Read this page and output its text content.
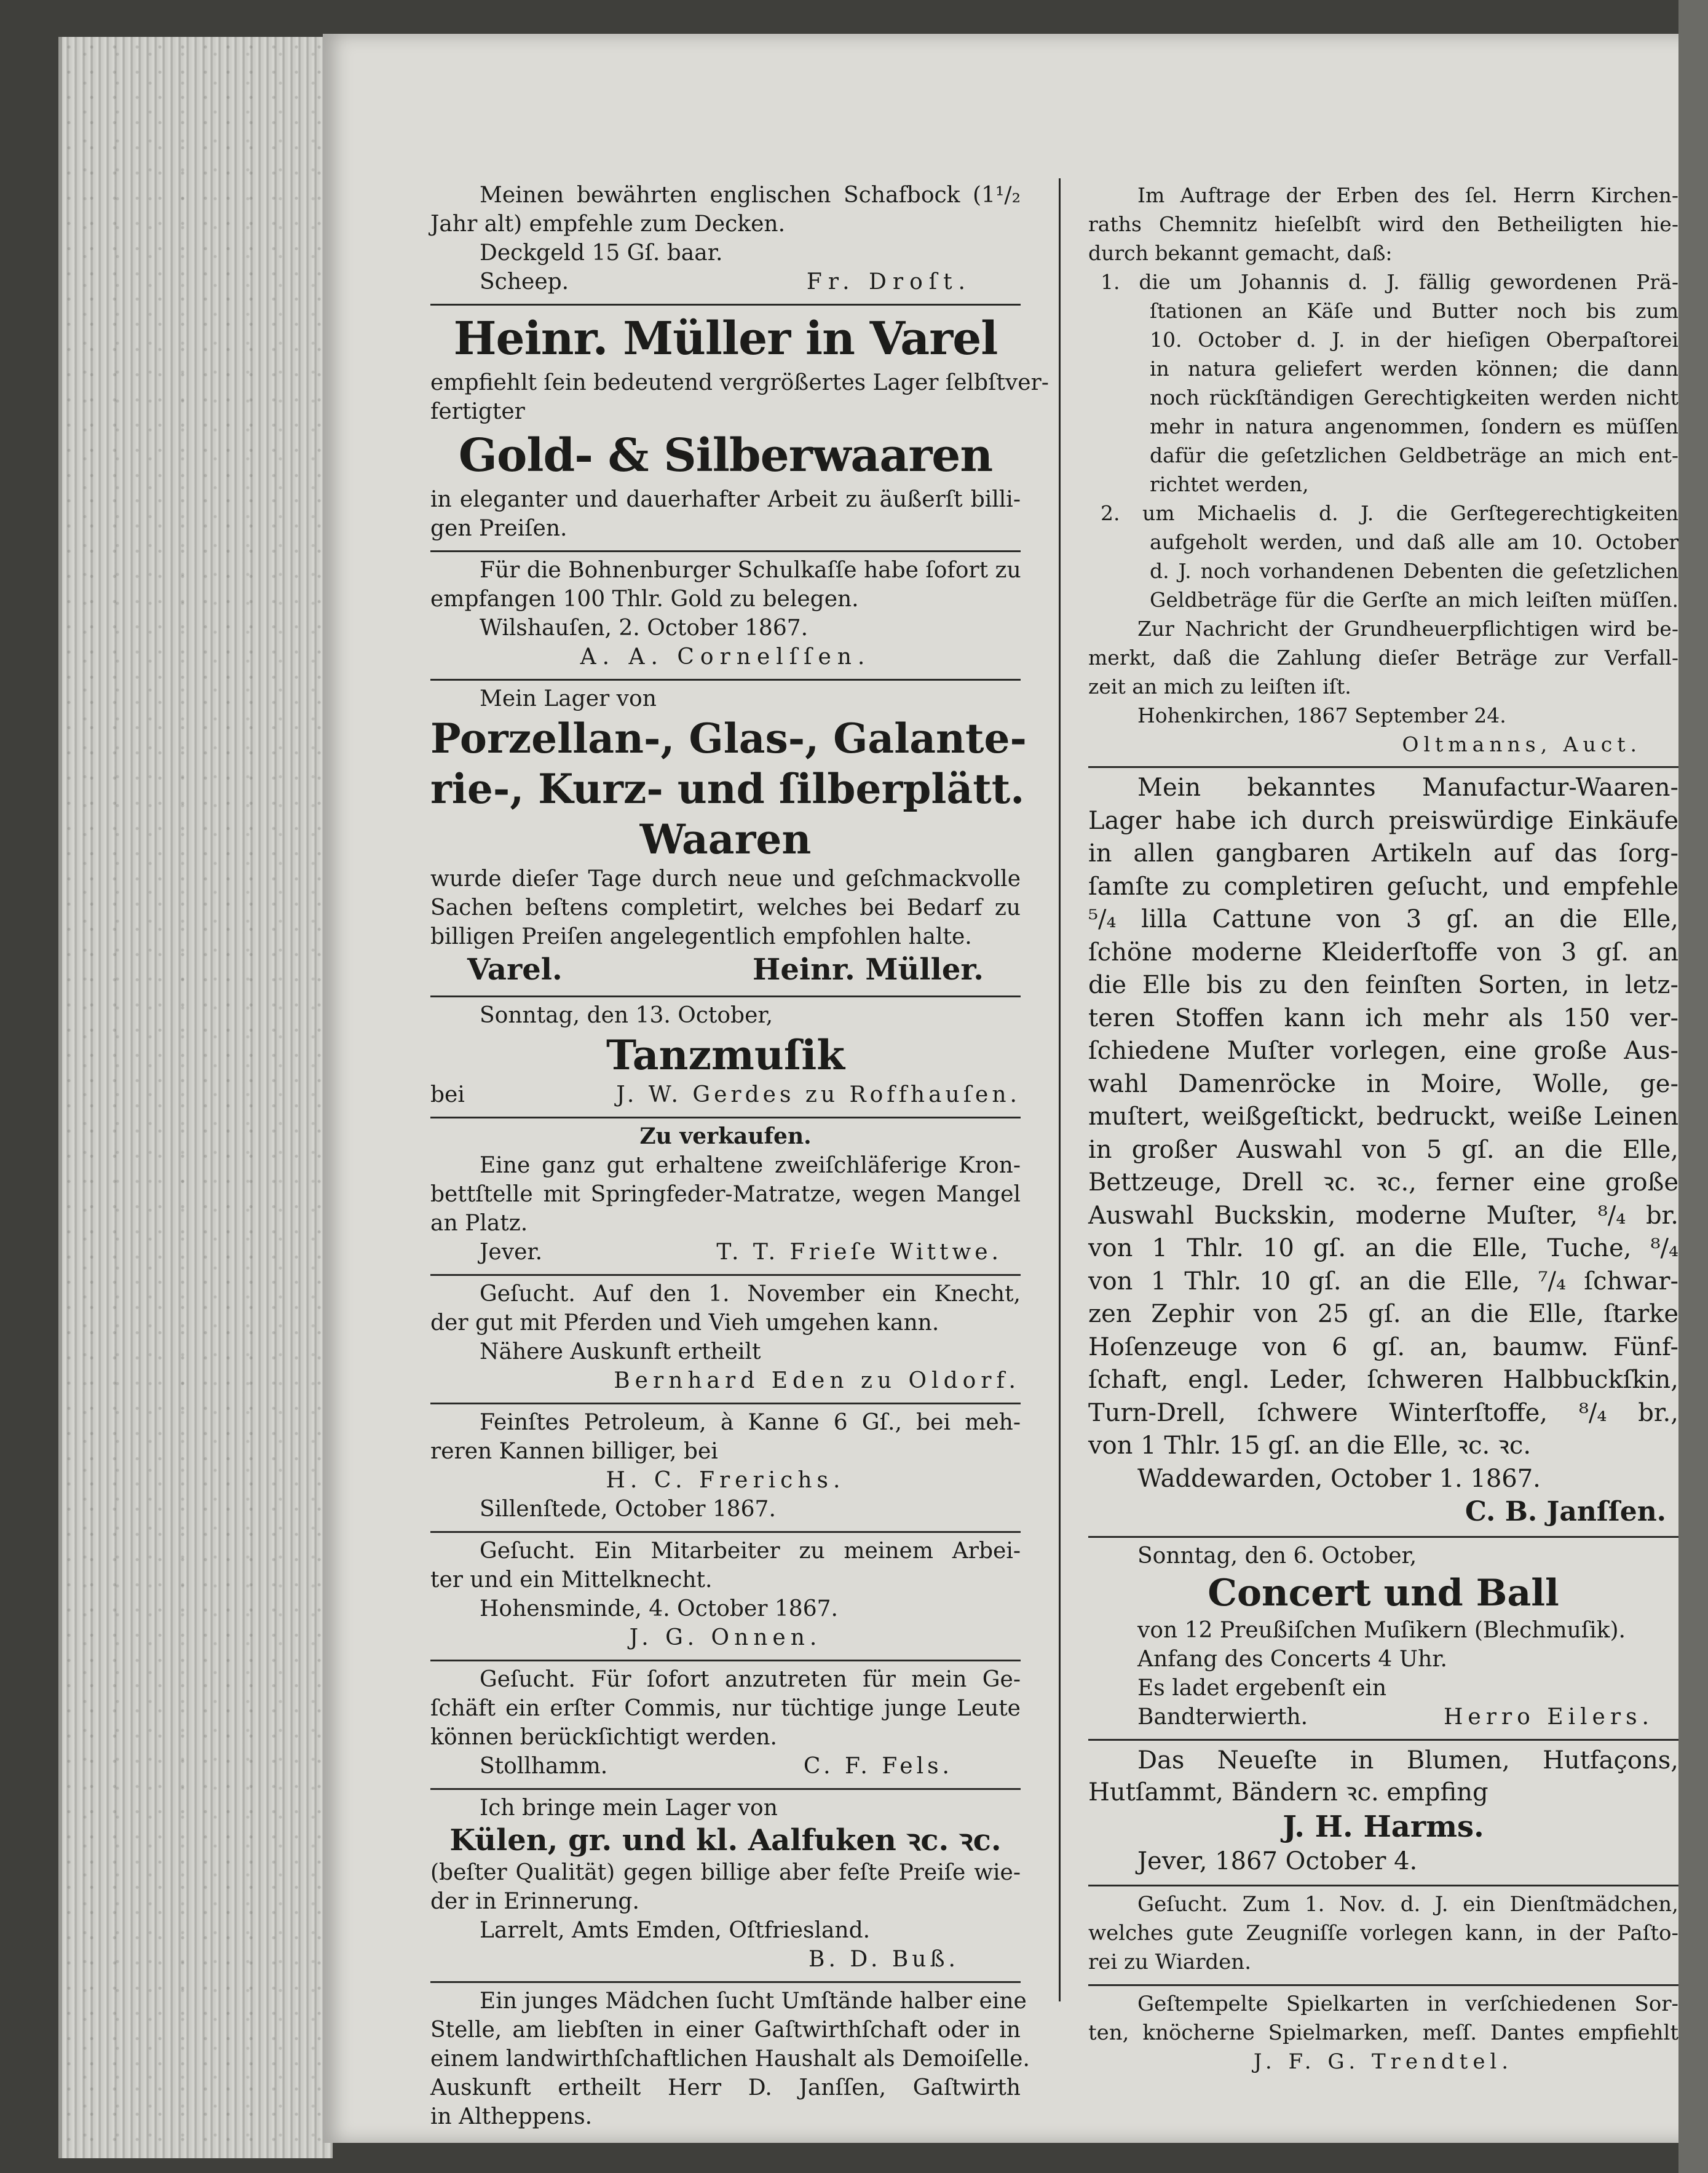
Meinen bewährten englischen Schafbock (1¹/₂
Jahr alt) empfehle zum Decken.
Deckgeld 15 Gſ. baar.
Scheep.	Fr. Droſt.
Heinr. Müller in Varel
empfiehlt ſein bedeutend vergrößertes Lager ſelbſtver-
fertigter
Gold- & Silberwaaren
in eleganter und dauerhafter Arbeit zu äußerſt billi-
gen Preiſen.
Für die Bohnenburger Schulkaſſe habe ſofort zu
empfangen 100 Thlr. Gold zu belegen.
Wilshauſen, 2. October 1867.
A. A. Cornelſſen.
Mein Lager von
Porzellan-, Glas-, Galante-
rie-, Kurz- und ſilberplätt.
Waaren
wurde dieſer Tage durch neue und geſchmackvolle
Sachen beſtens completirt, welches bei Bedarf zu
billigen Preiſen angelegentlich empfohlen halte.
Varel.	Heinr. Müller.
Sonntag, den 13. October,
Tanzmuſik
bei	J. W. Gerdes zu Roffhauſen.
Zu verkaufen.
Eine ganz gut erhaltene zweiſchläferige Kron-
bettſtelle mit Springfeder-Matratze, wegen Mangel
an Platz.
Jever.	T. T. Frieſe Wittwe.
Geſucht. Auf den 1. November ein Knecht,
der gut mit Pferden und Vieh umgehen kann.
Nähere Auskunft ertheilt
Bernhard Eden zu Oldorf.
Feinſtes Petroleum, à Kanne 6 Gſ., bei meh-
reren Kannen billiger, bei
H. C. Frerichs.
Sillenſtede, October 1867.
Geſucht. Ein Mitarbeiter zu meinem Arbei-
ter und ein Mittelknecht.
Hohensminde, 4. October 1867.
J. G. Onnen.
Geſucht. Für ſofort anzutreten für mein Ge-
ſchäft ein erſter Commis, nur tüchtige junge Leute
können berückſichtigt werden.
Stollhamm.	C. F. Fels.
Ich bringe mein Lager von
Külen, gr. und kl. Aalfuken ꝛc. ꝛc.
(beſter Qualität) gegen billige aber feſte Preiſe wie-
der in Erinnerung.
Larrelt, Amts Emden, Oſtfriesland.
B. D. Buß.
Ein junges Mädchen ſucht Umſtände halber eine
Stelle, am liebſten in einer Gaſtwirthſchaft oder in
einem landwirthſchaftlichen Haushalt als Demoiſelle.
Auskunft ertheilt Herr D. Janſſen, Gaſtwirth
in Altheppens.
Im Auftrage der Erben des ſel. Herrn Kirchen-
raths Chemnitz hieſelbſt wird den Betheiligten hie-
durch bekannt gemacht, daß:
1. die um Johannis d. J. fällig gewordenen Prä-
ſtationen an Käſe und Butter noch bis zum
10. October d. J. in der hieſigen Oberpaſtorei
in natura geliefert werden können; die dann
noch rückſtändigen Gerechtigkeiten werden nicht
mehr in natura angenommen, ſondern es müſſen
dafür die geſetzlichen Geldbeträge an mich ent-
richtet werden,
2. um Michaelis d. J. die Gerſtegerechtigkeiten
aufgeholt werden, und daß alle am 10. October
d. J. noch vorhandenen Debenten die geſetzlichen
Geldbeträge für die Gerſte an mich leiſten müſſen.
Zur Nachricht der Grundheuerpflichtigen wird be-
merkt, daß die Zahlung dieſer Beträge zur Verfall-
zeit an mich zu leiſten iſt.
Hohenkirchen, 1867 September 24.
Oltmanns, Auct.
Mein bekanntes Manufactur-Waaren-
Lager habe ich durch preiswürdige Einkäufe
in allen gangbaren Artikeln auf das ſorg-
ſamſte zu completiren geſucht, und empfehle
⁵/₄ lilla Cattune von 3 gſ. an die Elle,
ſchöne moderne Kleiderſtoffe von 3 gſ. an
die Elle bis zu den feinſten Sorten, in letz-
teren Stoffen kann ich mehr als 150 ver-
ſchiedene Muſter vorlegen, eine große Aus-
wahl Damenröcke in Moire, Wolle, ge-
muſtert, weißgeſtickt, bedruckt, weiße Leinen
in großer Auswahl von 5 gſ. an die Elle,
Bettzeuge, Drell ꝛc. ꝛc., ferner eine große
Auswahl Buckskin, moderne Muſter, ⁸/₄ br.
von 1 Thlr. 10 gſ. an die Elle, Tuche, ⁸/₄
von 1 Thlr. 10 gſ. an die Elle, ⁷/₄ ſchwar-
zen Zephir von 25 gſ. an die Elle, ſtarke
Hoſenzeuge von 6 gſ. an, baumw. Fünf-
ſchaft, engl. Leder, ſchweren Halbbuckſkin,
Turn-Drell, ſchwere Winterſtoffe, ⁸/₄ br.,
von 1 Thlr. 15 gſ. an die Elle, ꝛc. ꝛc.
Waddewarden, October 1. 1867.
C. B. Janſſen.
Sonntag, den 6. October,
Concert und Ball
von 12 Preußiſchen Muſikern (Blechmuſik).
Anfang des Concerts 4 Uhr.
Es ladet ergebenſt ein
Bandterwierth.	Herro Eilers.
Das Neueſte in Blumen, Hutfaçons,
Hutſammt, Bändern ꝛc. empfing
J. H. Harms.
Jever, 1867 October 4.
Geſucht. Zum 1. Nov. d. J. ein Dienſtmädchen,
welches gute Zeugniſſe vorlegen kann, in der Paſto-
rei zu Wiarden.
Geſtempelte Spielkarten in verſchiedenen Sor-
ten, knöcherne Spielmarken, meſſ. Dantes empfiehlt
J. F. G. Trendtel.
